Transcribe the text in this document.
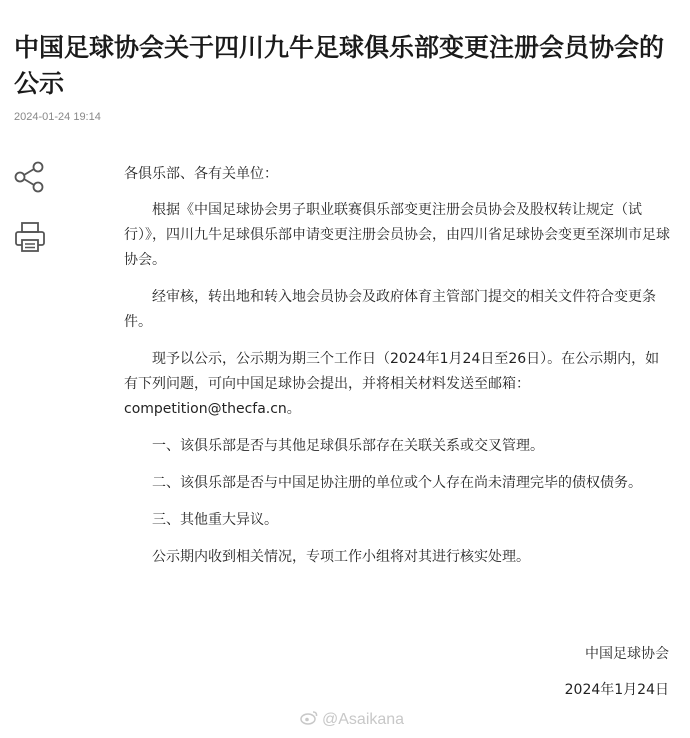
中国足球协会关于四川九牛足球俱乐部变更注册会员协会的公示
2024-01-24 19:14

各俱乐部、各有关单位：

根据《中国足球协会男子职业联赛俱乐部变更注册会员协会及股权转让规定（试行）》，四川九牛足球俱乐部申请变更注册会员协会，由四川省足球协会变更至深圳市足球协会。

经审核，转出地和转入地会员协会及政府体育主管部门提交的相关文件符合变更条件。

现予以公示，公示期为期三个工作日（2024年1月24日至26日）。在公示期内，如有下列问题，可向中国足球协会提出，并将相关材料发送至邮箱：

competition@thecfa.cn。

一、该俱乐部是否与其他足球俱乐部存在关联关系或交叉管理。

二、该俱乐部是否与中国足协注册的单位或个人存在尚未清理完毕的债权债务。

三、其他重大异议。

公示期内收到相关情况，专项工作小组将对其进行核实处理。

中国足球协会
2024年1月24日
@Asaikana
